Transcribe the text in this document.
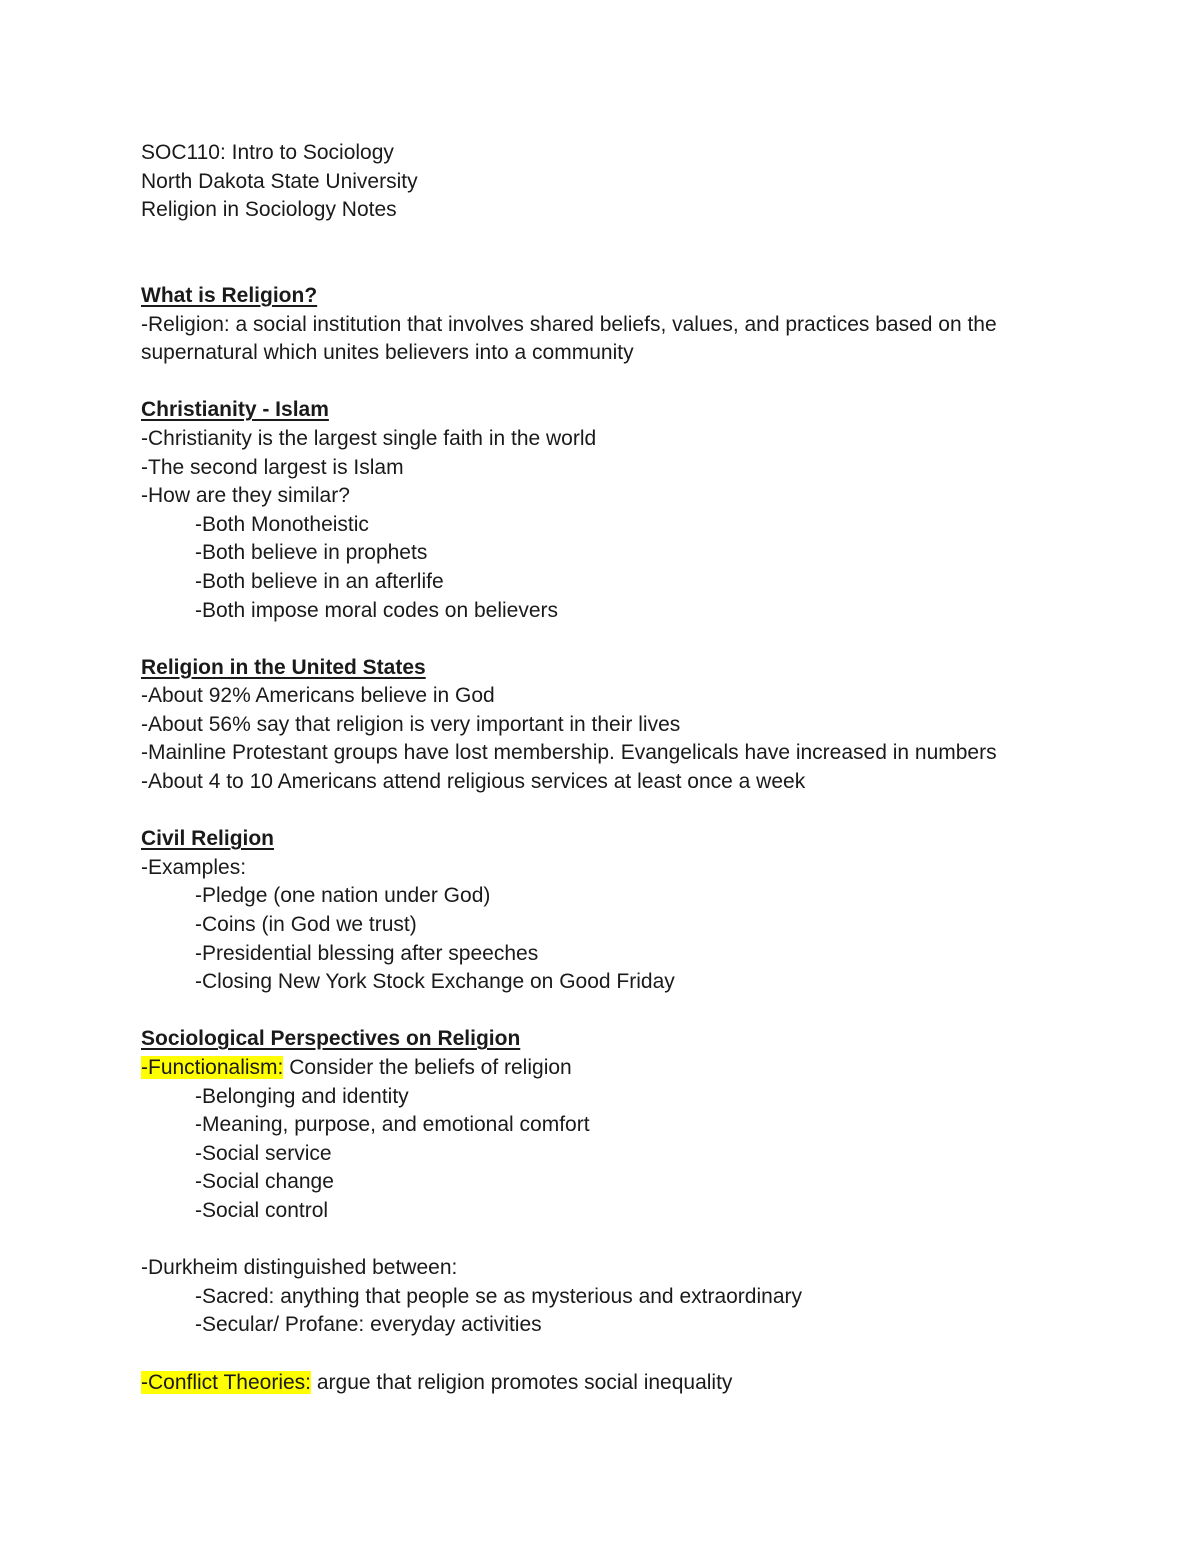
SOC110: Intro to Sociology
North Dakota State University
Religion in Sociology Notes
What is Religion?
-Religion: a social institution that involves shared beliefs, values, and practices based on the supernatural which unites believers into a community
Christianity - Islam
-Christianity is the largest single faith in the world
-The second largest is Islam
-How are they similar?
-Both Monotheistic
-Both believe in prophets
-Both believe in an afterlife
-Both impose moral codes on believers
Religion in the United States
-About 92% Americans believe in God
-About 56% say that religion is very important in their lives
-Mainline Protestant groups have lost membership. Evangelicals have increased in numbers
-About 4 to 10 Americans attend religious services at least once a week
Civil Religion
-Examples:
-Pledge (one nation under God)
-Coins (in God we trust)
-Presidential blessing after speeches
-Closing New York Stock Exchange on Good Friday
Sociological Perspectives on Religion
-Functionalism: Consider the beliefs of religion
-Belonging and identity
-Meaning, purpose, and emotional comfort
-Social service
-Social change
-Social control
-Durkheim distinguished between:
-Sacred: anything that people se as mysterious and extraordinary
-Secular/ Profane: everyday activities
-Conflict Theories: argue that religion promotes social inequality
